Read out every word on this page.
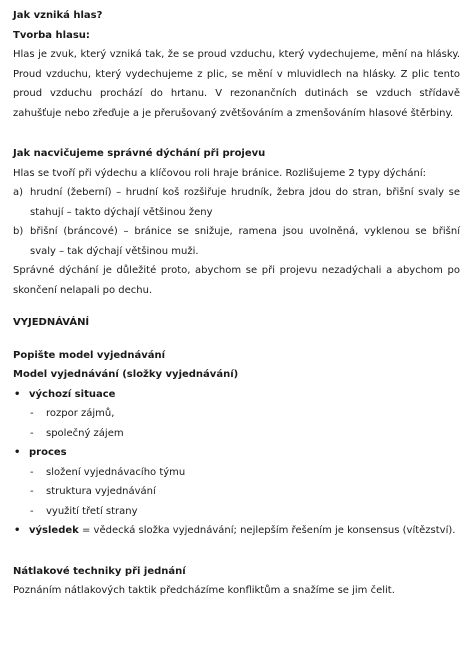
Jak vzniká hlas?
Tvorba hlasu:

Hlas je zvuk, který vzniká tak, že se proud vzduchu, který vydechujeme, mění na hlásky. Proud vzduchu, který vydechujeme z plic, se mění v mluvidlech na hlásky. Z plic tento proud vzduchu prochází do hrtanu. V rezonančních dutinách se vzduch střídavě zahušťuje nebo zřeďuje a je přerušovaný zvětšováním a zmenšováním hlasové štěrbiny.

Jak nacvičujeme správné dýchání při projevu
Hlas se tvoří při výdechu a klíčovou roli hraje bránice. Rozlišujeme 2 typy dýchání:
a) hrudní (žeberní) – hrudní koš rozšiřuje hrudník, žebra jdou do stran, břišní svaly se stahují – takto dýchají většinou ženy
b) břišní (bráncové) – bránice se snižuje, ramena jsou uvolněná, vyklenou se břišní svaly – tak dýchají většinou muži.

Správné dýchání je důležité proto, abychom se při projevu nezadýchali a abychom po skončení nelapali po dechu.

VYJEDNÁVÁNÍ
Popište model vyjednávání
Model vyjednávání (složky vyjednávání)
• výchozí situace
- rozpor zájmů,
- společný zájem
• proces
- složení vyjednávacího týmu
- struktura vyjednávání
- využití třetí strany
• výsledek = vědecká složka vyjednávání; nejlepším řešením je konsensus (vítězství).
Nátlakové techniky při jednání
Poznáním nátlakových taktik předcházíme konfliktům a snažíme se jim čelit.
